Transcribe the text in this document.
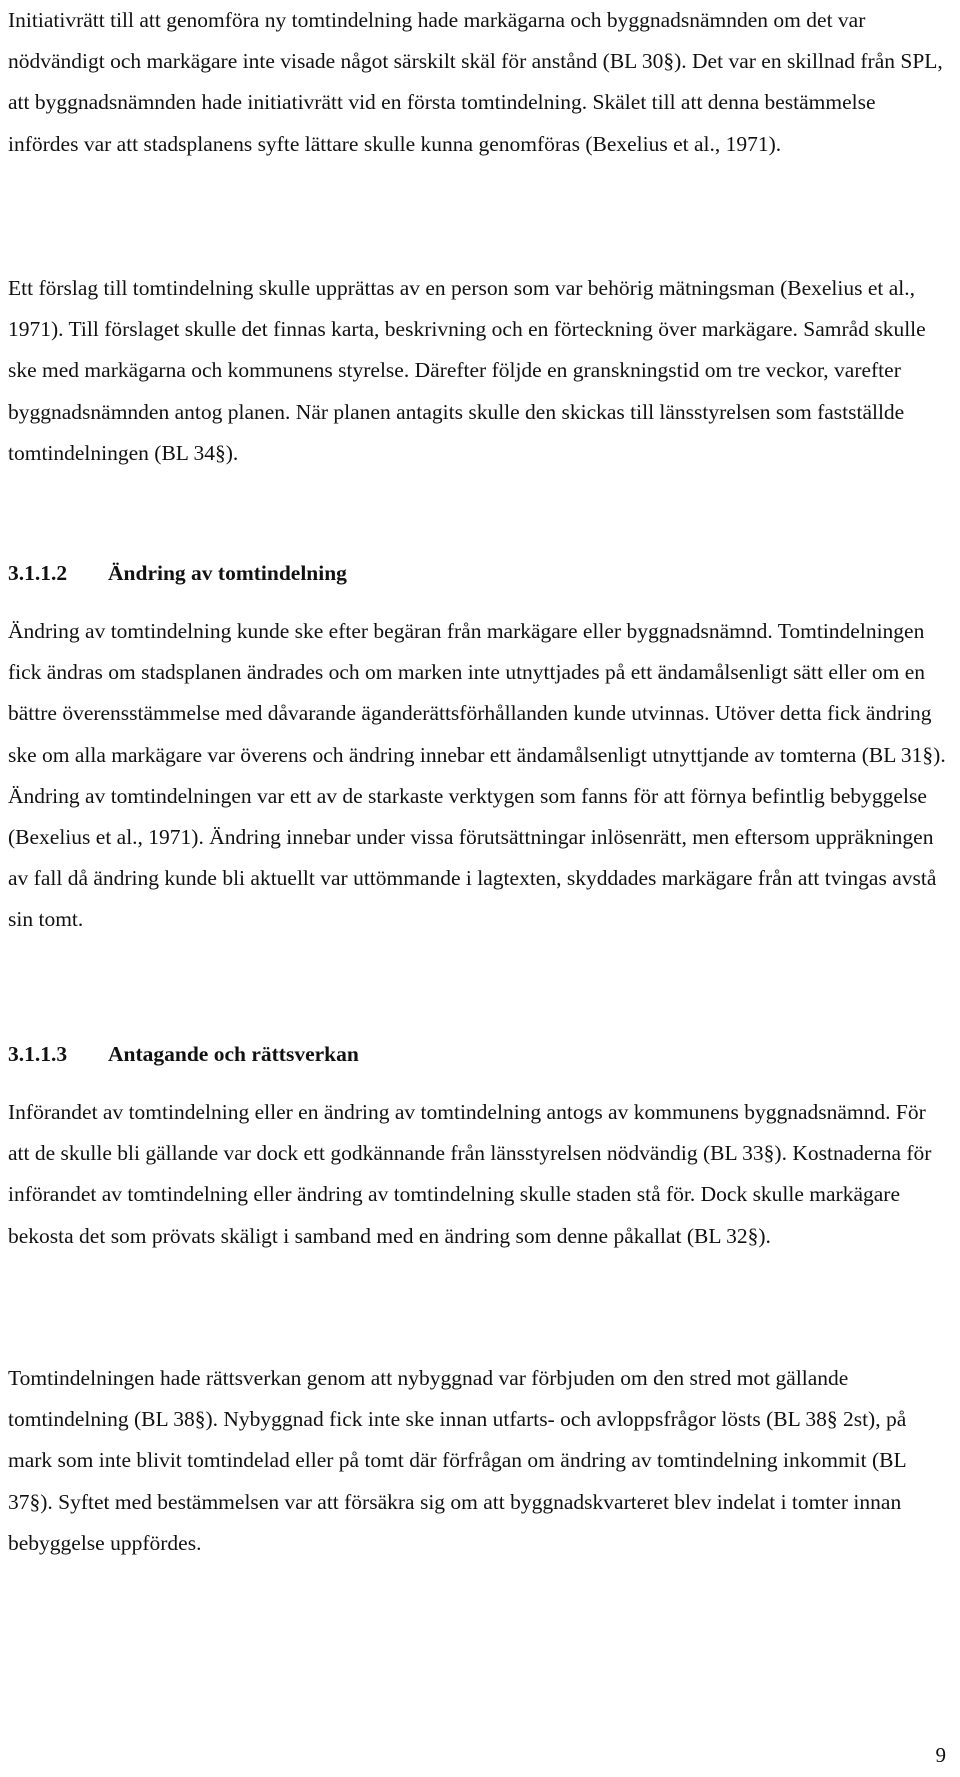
Initiativrätt till att genomföra ny tomtindelning hade markägarna och byggnadsnämnden om det var nödvändigt och markägare inte visade något särskilt skäl för anstånd (BL 30§). Det var en skillnad från SPL, att byggnadsnämnden hade initiativrätt vid en första tomtindelning. Skälet till att denna bestämmelse infördes var att stadsplanens syfte lättare skulle kunna genomföras (Bexelius et al., 1971).

Ett förslag till tomtindelning skulle upprättas av en person som var behörig mätningsman (Bexelius et al., 1971). Till förslaget skulle det finnas karta, beskrivning och en förteckning över markägare. Samråd skulle ske med markägarna och kommunens styrelse. Därefter följde en granskningstid om tre veckor, varefter byggnadsnämnden antog planen. När planen antagits skulle den skickas till länsstyrelsen som fastställde tomtindelningen (BL 34§).

3.1.1.2	Ändring av tomtindelning

Ändring av tomtindelning kunde ske efter begäran från markägare eller byggnadsnämnd. Tomtindelningen fick ändras om stadsplanen ändrades och om marken inte utnyttjades på ett ändamålsenligt sätt eller om en bättre överensstämmelse med dåvarande äganderättsförhållanden kunde utvinnas. Utöver detta fick ändring ske om alla markägare var överens och ändring innebar ett ändamålsenligt utnyttjande av tomterna (BL 31§). Ändring av tomtindelningen var ett av de starkaste verktygen som fanns för att förnya befintlig bebyggelse (Bexelius et al., 1971). Ändring innebar under vissa förutsättningar inlösenrätt, men eftersom uppräkningen av fall då ändring kunde bli aktuellt var uttömmande i lagtexten, skyddades markägare från att tvingas avstå sin tomt.

3.1.1.3	Antagande och rättsverkan

Införandet av tomtindelning eller en ändring av tomtindelning antogs av kommunens byggnadsnämnd. För att de skulle bli gällande var dock ett godkännande från länsstyrelsen nödvändig (BL 33§). Kostnaderna för införandet av tomtindelning eller ändring av tomtindelning skulle staden stå för. Dock skulle markägare bekosta det som prövats skäligt i samband med en ändring som denne påkallat (BL 32§).

Tomtindelningen hade rättsverkan genom att nybyggnad var förbjuden om den stred mot gällande tomtindelning (BL 38§). Nybyggnad fick inte ske innan utfarts- och avloppsfrågor lösts (BL 38§ 2st), på mark som inte blivit tomtindelad eller på tomt där förfrågan om ändring av tomtindelning inkommit (BL 37§). Syftet med bestämmelsen var att försäkra sig om att byggnadskvarteret blev indelat i tomter innan bebyggelse uppfördes.

9
